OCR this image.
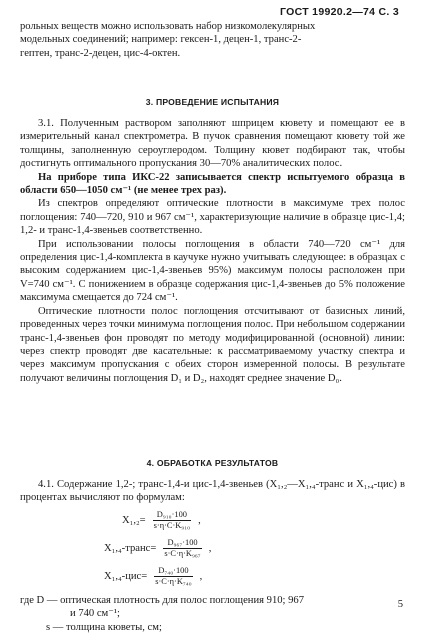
ГОСТ 19920.2—74 С. 3

рольных веществ можно использовать набор низкомолекулярных

модельных соединений; например: гексен-1, децен-1, транс-2-

гептен, транс-2-децен, цис-4-октен.

3. ПРОВЕДЕНИЕ ИСПЫТАНИЯ

3.1. Полученным раствором заполняют шприцем кювету и помещают ее в измерительный канал спектрометра. В пучок сравнения помещают кювету той же толщины, заполненную сероуглеродом. Толщину кювет подбирают так, чтобы достигнуть оптимального пропускания 30—70% аналитических полос.

На приборе типа ИКС-22 записывается спектр испытуемого образца в области 650—1050 см⁻¹ (не менее трех раз).

Из спектров определяют оптические плотности в максимуме трех полос поглощения: 740—720, 910 и 967 см⁻¹, характеризующие наличие в образце цис-1,4; 1,2- и транс-1,4-звеньев соответственно.

При использовании полосы поглощения в области 740—720 см⁻¹ для определения цис-1,4-комплекта в каучуке нужно учитывать следующее: в образцах с высоким содержанием цис-1,4-звеньев 95%) максимум полосы расположен при V=740 см⁻¹. С понижением в образце содержания цис-1,4-звеньев до 5% положение максимума смещается до 724 см⁻¹.

Оптические плотности полос поглощения отсчитывают от базисных линий, проведенных через точки минимума поглощения полос. При небольшом содержании транс-1,4-звеньев фон проводят по методу модифицированной (основной) линии: через спектр проводят две касательные: к рассматриваемому участку спектра и через максимум пропускания с обеих сторон измеренной полосы. В результате получают величины поглощения D₁ и D₂, находят среднее значение D₀.

4. ОБРАБОТКА РЕЗУЛЬТАТОВ

4.1. Содержание 1,2-; транс-1,4-и цис-1,4-звеньев (X₁,₂—X₁,₄-транс и X₁,₄-цис) в процентах вычисляют по формулам:

$X_1,_2= \frac{\text{D₉₁₀·100}}{\text{s·η·C·K₉₁₀}}$ ,
X₁,₄-транс= $\frac{\text{D₉₆₇·100}}{\text{s·C·η·K₉₆₇}}$ ,
$X_1,_4-цис= \frac{\text{D₇₄₀·100}}{\text{s·C·η·K₇₄₀}}$ ,

где D — оптическая плотность для полос поглощения 910; 967

и 740 см⁻¹;

s — толщина кюветы, см;

5
